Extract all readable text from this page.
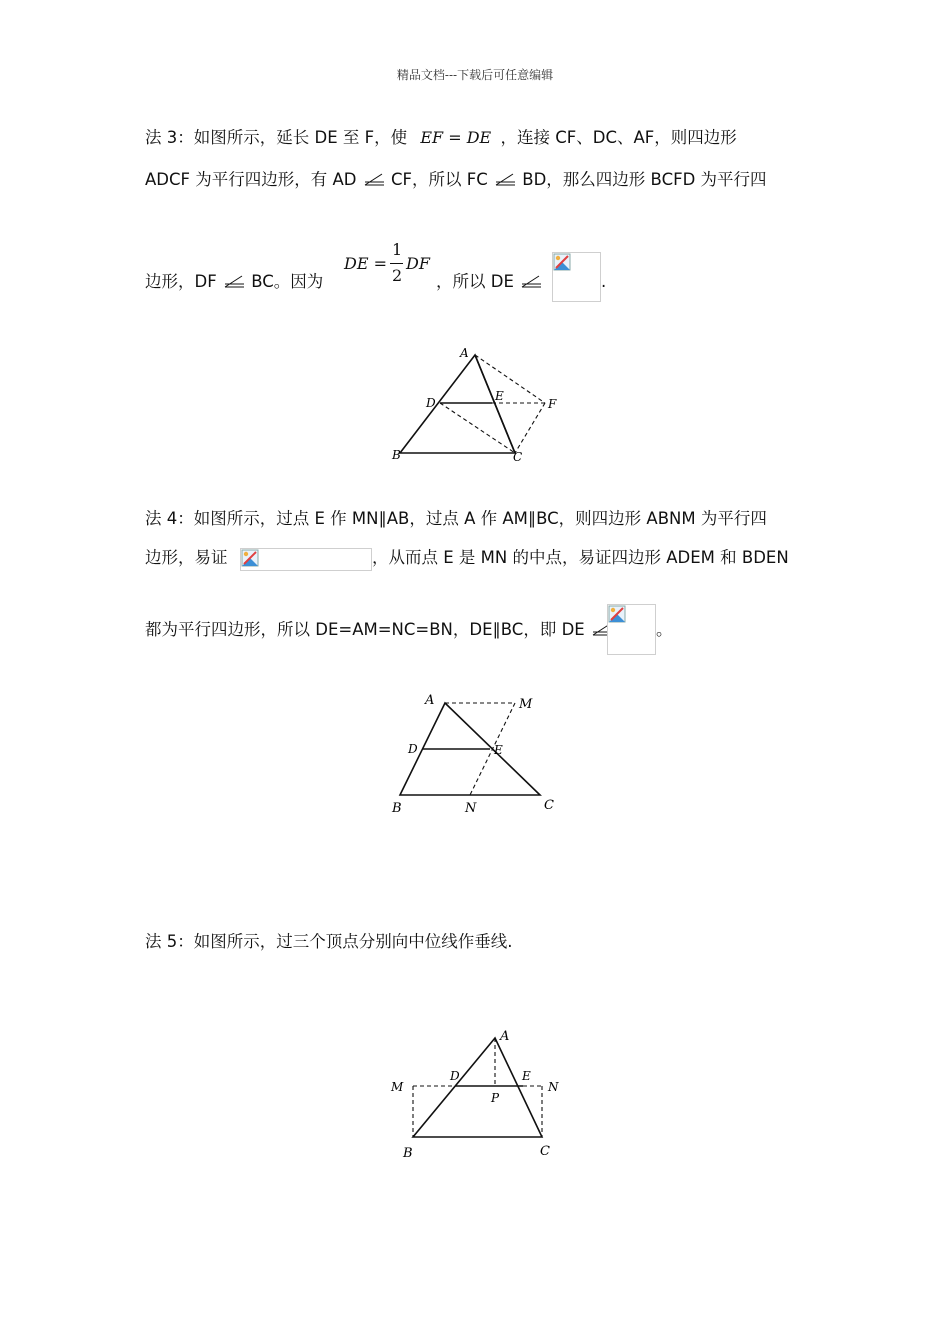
精品文档---下载后可任意编辑
法 3：如图所示，延长 DE 至 F，使 EF = DE ，连接 CF、DC、AF，则四边形
ADCF 为平行四边形，有 AD CF，所以 FC BD，那么四边形 BCFD 为平行四
边形，DF BC。因为
DE =
1
2
DF
，所以 DE	.
A
D	E
F
B	C
法 4：如图所示，过点 E 作 MN∥AB，过点 A 作 AM∥BC，则四边形 ABNM 为平行四
边形，易证	，从而点 E 是 MN 的中点，易证四边形 ADEM 和 BDEN
都为平行四边形，所以 DE=AM=NC=BN，DE∥BC，即 DE	。
A	M
D	E
B	N	C
法 5：如图所示，过三个顶点分别向中位线作垂线.
A
M
D	E
N
P
B	C
